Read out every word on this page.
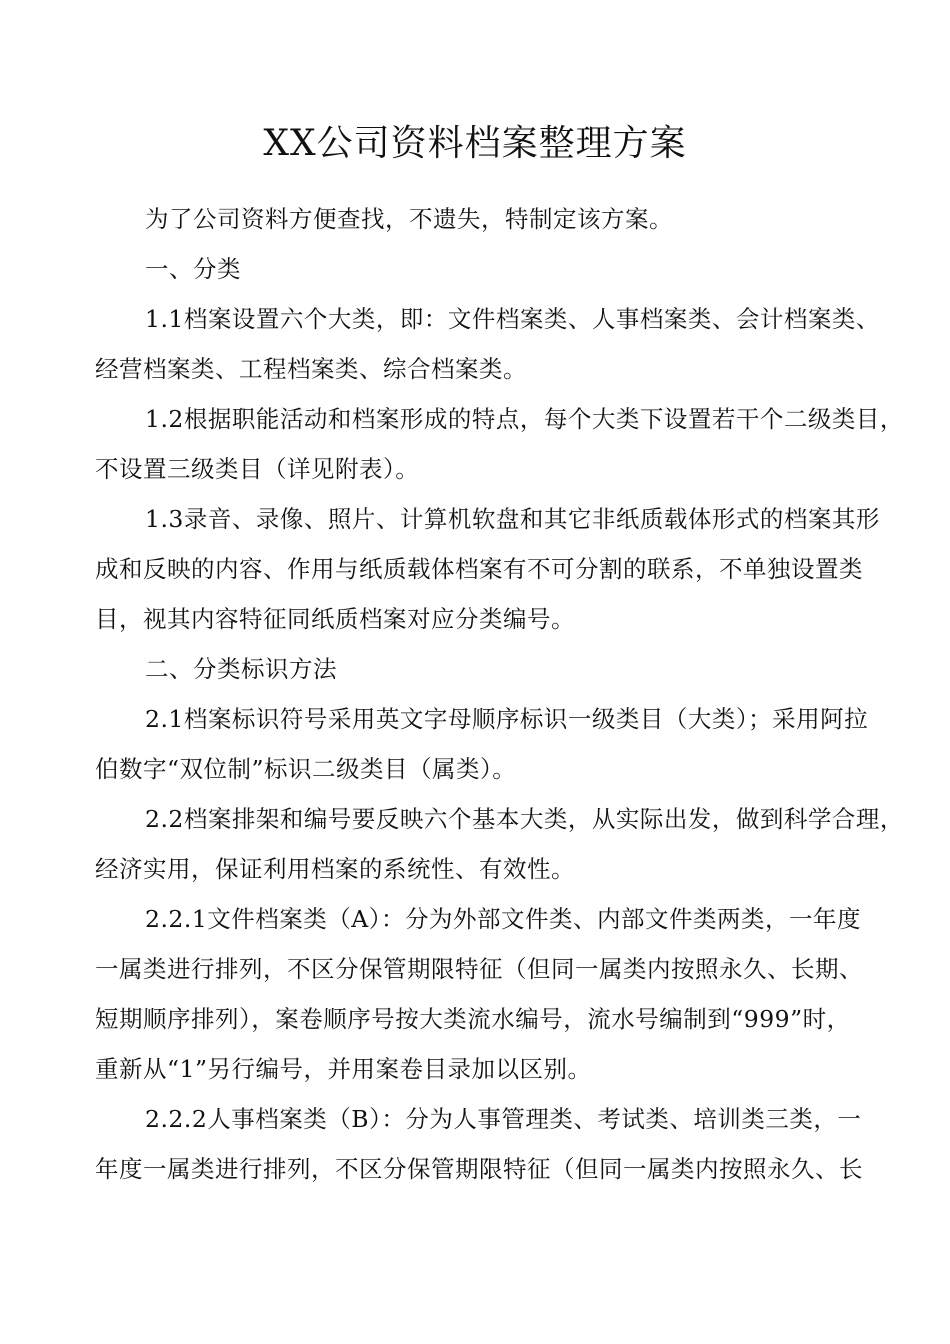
XX公司资料档案整理方案
为了公司资料方便查找，不遗失，特制定该方案。
一、分类
1.1档案设置六个大类，即：文件档案类、人事档案类、会计档案类、
经营档案类、工程档案类、综合档案类。
1.2根据职能活动和档案形成的特点，每个大类下设置若干个二级类目，
不设置三级类目（详见附表）。
1.3录音、录像、照片、计算机软盘和其它非纸质载体形式的档案其形
成和反映的内容、作用与纸质载体档案有不可分割的联系，不单独设置类
目，视其内容特征同纸质档案对应分类编号。
二、分类标识方法
2.1档案标识符号采用英文字母顺序标识一级类目（大类）；采用阿拉
伯数字“双位制”标识二级类目（属类）。
2.2档案排架和编号要反映六个基本大类，从实际出发，做到科学合理，
经济实用，保证利用档案的系统性、有效性。
2.2.1文件档案类（A）：分为外部文件类、内部文件类两类，一年度
一属类进行排列，不区分保管期限特征（但同一属类内按照永久、长期、
短期顺序排列），案卷顺序号按大类流水编号，流水号编制到“999”时，
重新从“1”另行编号，并用案卷目录加以区别。
2.2.2人事档案类（B）：分为人事管理类、考试类、培训类三类，一
年度一属类进行排列，不区分保管期限特征（但同一属类内按照永久、长
